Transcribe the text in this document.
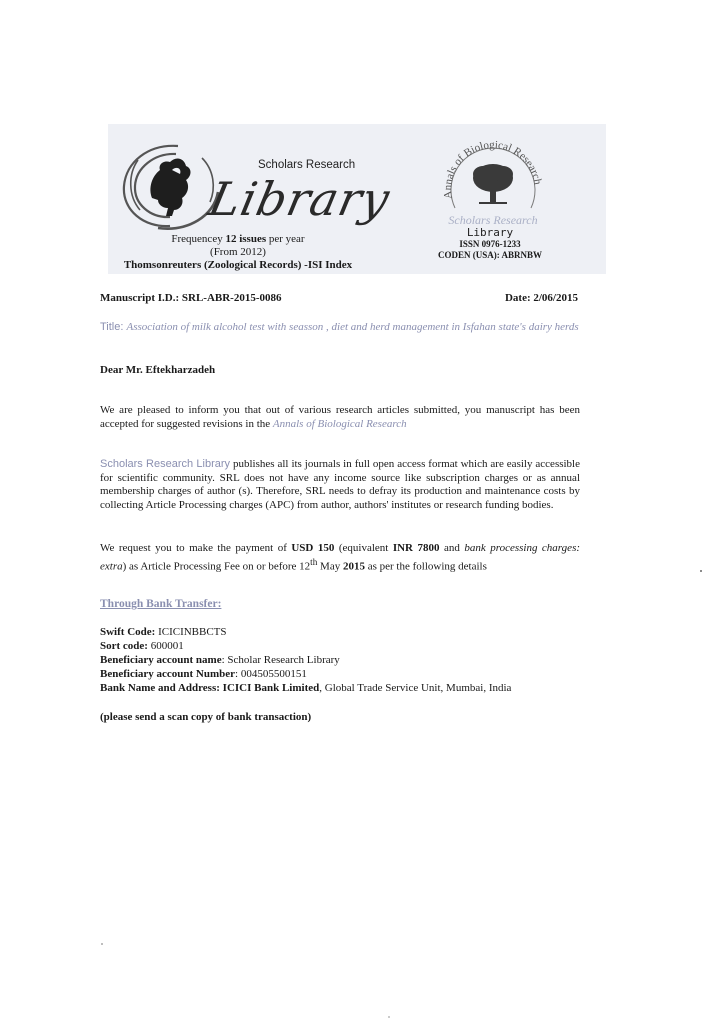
Scholars Research
Library
Frequencey 12 issues per year
(From 2012)
Thomsonreuters (Zoological Records) -ISI Index
Annals of Biological Research
Scholars Research
Library
ISSN 0976-1233
CODEN (USA): ABRNBW
Manuscript I.D.: SRL-ABR-2015-0086	Date: 2/06/2015
Title: Association of milk alcohol test with seasson , diet and herd management in Isfahan state's dairy herds
Dear Mr. Eftekharzadeh
We are pleased to inform you that out of various research articles submitted, you manuscript has been accepted for suggested revisions in the Annals of Biological Research
Scholars Research Library publishes all its journals in full open access format which are easily accessible for scientific community. SRL does not have any income source like subscription charges or as annual membership charges of author (s). Therefore, SRL needs to defray its production and maintenance costs by collecting Article Processing charges (APC) from author, authors' institutes or research funding bodies.
We request you to make the payment of USD 150 (equivalent INR 7800 and bank processing charges: extra) as Article Processing Fee on or before 12th May 2015 as per the following details
Through Bank Transfer:
Swift Code: ICICINBBCTS
Sort code: 600001
Beneficiary account name: Scholar Research Library
Beneficiary account Number: 004505500151
Bank Name and Address: ICICI Bank Limited, Global Trade Service Unit, Mumbai, India
(please send a scan copy of bank transaction)
